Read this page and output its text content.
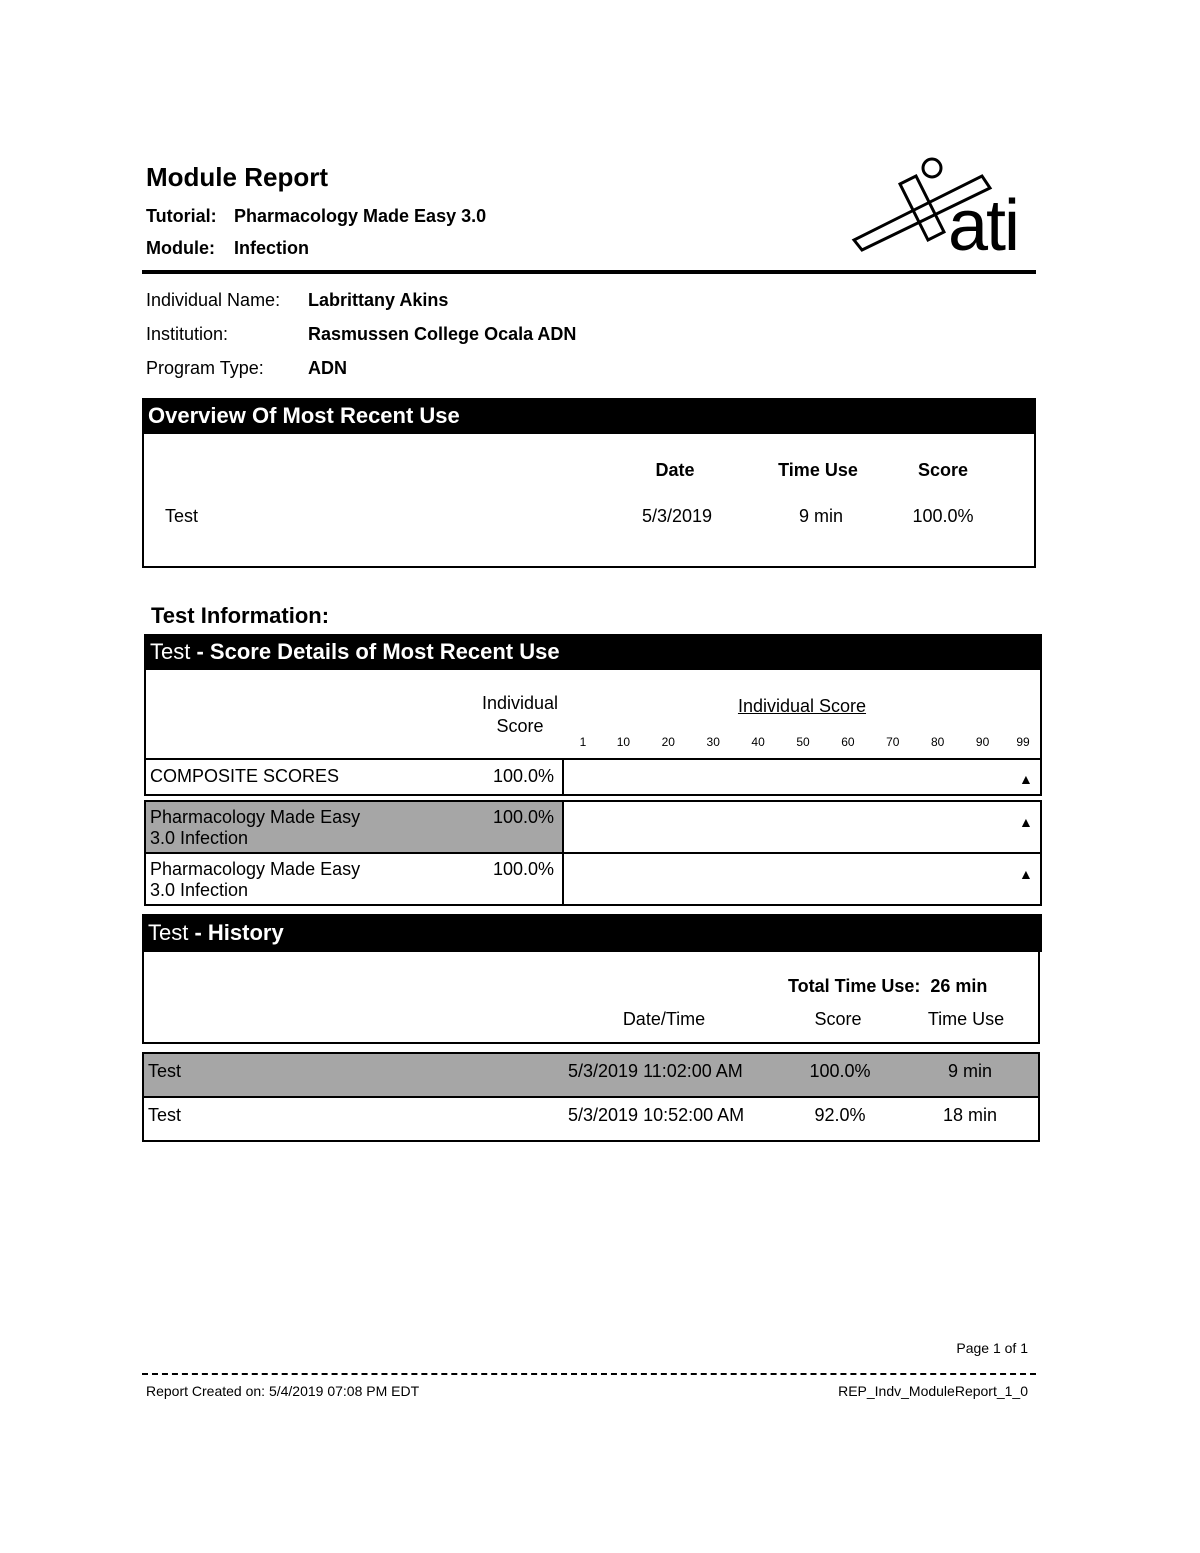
Module Report
Tutorial: Pharmacology Made Easy 3.0
Module: Infection	ati
Individual Name: Labrittany Akins
Institution:	Rasmussen College Ocala ADN
Program Type: ADN
Overview Of Most Recent Use
Date	Time Use	Score
Test	5/3/2019	9 min	100.0%
Test Information:
Test - Score Details of Most Recent Use
Individual
Score
Individual Score
1	10	20	30	40	50	60	70	80	90	99
COMPOSITE SCORES	100.0%	▲
Pharmacology Made Easy
3.0 Infection
100.0%	▲
Pharmacology Made Easy
3.0 Infection
100.0%	▲
Test - History
Total Time Use: 26 min
Date/Time	Score	Time Use
Test	5/3/2019 11:02:00 AM	100.0%	9 min
Test	5/3/2019 10:52:00 AM	92.0%	18 min
Page 1 of 1
Report Created on: 5/4/2019 07:08 PM EDT	REP_Indv_ModuleReport_1_0
